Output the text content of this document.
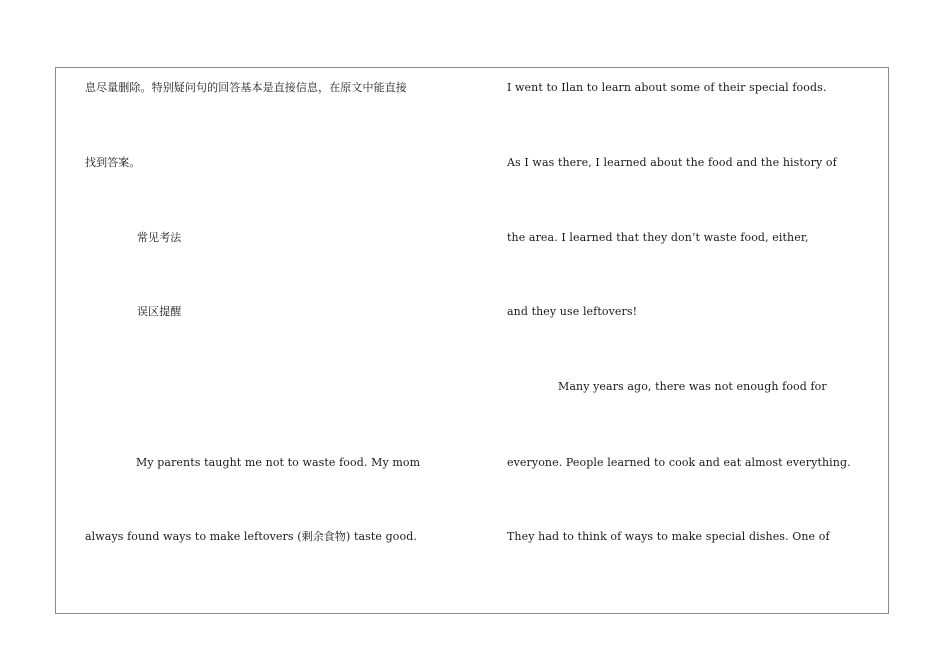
息尽量删除。特别疑问句的回答基本是直接信息，在原文中能直接
找到答案。
常见考法
误区提醒
My parents taught me not to waste food. My mom
always found ways to make leftovers (剩余食物) taste good.
I went to Ilan to learn about some of their special foods.
As I was there, I learned about the food and the history of
the area. I learned that they don’t waste food, either,
and they use leftovers!
Many years ago, there was not enough food for
everyone. People learned to cook and eat almost everything.
They had to think of ways to make special dishes. One of
